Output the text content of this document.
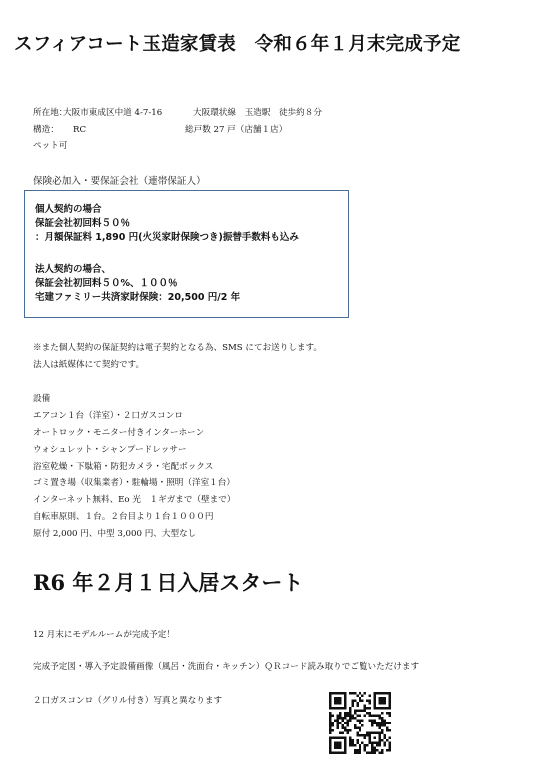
スフィアコート玉造家賃表　令和６年１月末完成予定
所在地：
大阪市東成区中道 4-7-16	大阪環状線　玉造駅　徒歩約８分
構造： RC	総戸数 27 戸（店舗１店）
ペット可
保険必加入・要保証会社（連帯保証人）
個人契約の場合
保証会社初回料５０％
：月額保証料 1,890 円(火災家財保険つき)振替手数料も込み
法人契約の場合、
保証会社初回料５０%、１００％
宅建ファミリー共済家財保険：20,500 円/2 年
※また個人契約の保証契約は電子契約となる為、SMS にてお送りします。
法人は紙媒体にて契約です。
設備
エアコン１台（洋室）・２口ガスコンロ
オートロック・モニター付きインターホーン
ウォシュレット・シャンプードレッサー
浴室乾燥・下駄箱・防犯カメラ・宅配ボックス
ゴミ置き場（収集業者）・駐輪場・照明（洋室１台）
インターネット無料、Eo 光　１ギガまで（壁まで）
自転車原則、１台。２台目より１台１０００円
原付 2,000 円、中型 3,000 円、大型なし
R6 年２月１日入居スタート
12 月末にモデルルームが完成予定！
完成予定図・導入予定設備画像（風呂・洗面台・キッチン）ＱＲコード読み取りでご覧いただけます
２口ガスコンロ（グリル付き）写真と異なります
